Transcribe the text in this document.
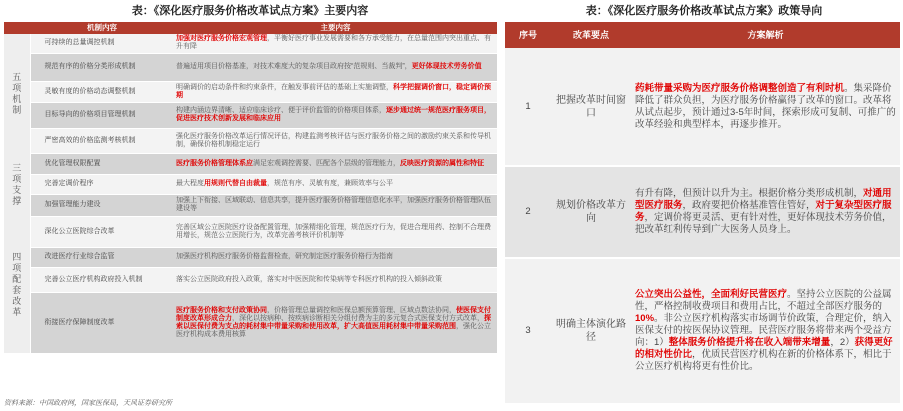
表：《深化医疗服务价格改革试点方案》主要内容
	机制内容	主要内容
五项机制	可持续的总量调控机制	加强对医疗服务价格宏观管理，平衡好医疗事业发展需要和各方承受能力，在总量范围内突出重点、有升有降
	规范有序的价格分类形成机制	普遍适用项目价格基准，对技术难度大的复杂项目政府按“范规则、当裁判”，更好体现技术劳务价值
	灵敏有度的价格动态调整机制	明确调价的启动条件和约束条件，在触发事前评估的基础上实施调整，科学把握调价窗口，稳定调价预期
	目标导向的价格项目管理机制	构建内涵边界清晰、适应临床诊疗、便于评价监管的价格项目体系，逐步通过统一规范医疗服务项目，促进医疗技术创新发展和临床应用
	严密高效的价格监测考核机制	强化医疗服务价格改革运行情况评估，构建监测考核评估与医疗服务价格之间的激励约束关系和传导机制，确保价格机制稳定运行
三项支撑	优化管理权限配置	医疗服务价格管理体系应满足宏观调控需要、匹配各个层级的管理能力，反映医疗资源的属性和特征
	完善定调价程序	最大程度用规则代替自由裁量，规范有序、灵敏有度，兼顾效率与公平
	加强管理能力建设	加强上下衔接、区域联动、信息共享，提升医疗服务价格管理信息化水平，加强医疗服务价格管理队伍建设等
四项配套改革	深化公立医院综合改革	完善区域公立医院医疗设备配置管理，加强精细化管理，规范医疗行为，促进合理用药、控制不合理费用增长，规范公立医院行为，改革完善考核评价机制等
	改进医疗行业综合监管	加强医疗机构医疗服务价格监督检查，研究制定医疗服务价格行为指南
	完善公立医疗机构政府投入机制	落实公立医院政府投入政策，落实对中医医院和传染病等专科医疗机构的投入倾斜政策
	衔接医疗保障制度改革	医疗服务价格和支付政策协同，价格管理总量调控和医保总额预算管理、区域点数法协同，使医保支付制度改革形成合力，深化以按病种、按疾病诊断相关分组付费为主的多元复合式医保支付方式改革，探索以医保付费为支点的耗材集中带量采购和使用改革，扩大高值医用耗材集中带量采购范围，强化公立医疗机构成本费用核算
资料来源：中国政府网，国家医保局，天风证券研究所
表：《深化医疗服务价格改革试点方案》政策导向
序号	改革要点	方案解析
1	把握改革时间窗口	药耗带量采购为医疗服务价格调整创造了有利时机。集采降价降低了群众负担，为医疗服务价格赢得了改革的窗口。改革将从试点起步，预计通过3-5年时间，探索形成可复制、可推广的改革经验和典型样本，再逐步推开。
2	规划价格改革方向	有升有降，但预计以升为主。根据价格分类形成机制，对通用型医疗服务，政府要把价格基准管住管好，对于复杂型医疗服务，定调价将更灵活、更有针对性，更好体现技术劳务价值，把改革红利传导到广大医务人员身上。
3	明确主体演化路径	公立突出公益性，全面利好民营医疗。坚持公立医院的公益属性，严格控制收费项目和费用占比，不超过全部医疗服务的10%。非公立医疗机构落实市场调节价政策，合理定价，纳入医保支付的按医保协议管理。民营医疗服务将带来两个受益方向：1）整体服务价格提升将在收入端带来增量，2）获得更好的相对性价比，优质民营医疗机构在新的价格体系下，相比于公立医疗机构将更有性价比。
